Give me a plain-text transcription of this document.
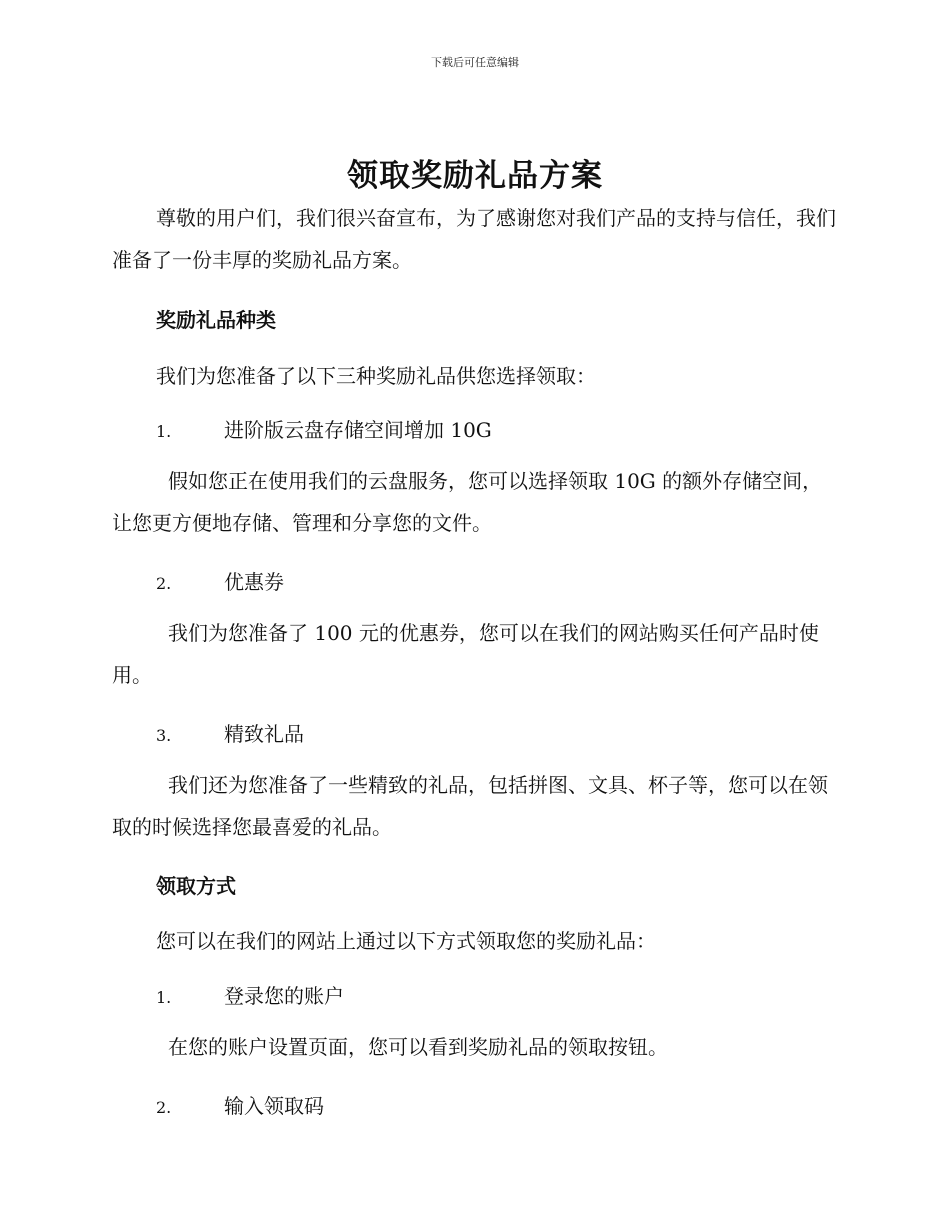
下载后可任意编辑
领取奖励礼品方案
尊敬的用户们，我们很兴奋宣布，为了感谢您对我们产品的支持与信任，我们准备了一份丰厚的奖励礼品方案。
奖励礼品种类
我们为您准备了以下三种奖励礼品供您选择领取：
1.	进阶版云盘存储空间增加 10G
假如您正在使用我们的云盘服务，您可以选择领取 10G 的额外存储空间，让您更方便地存储、管理和分享您的文件。
2.	优惠券
我们为您准备了 100 元的优惠券，您可以在我们的网站购买任何产品时使用。
3.	精致礼品
我们还为您准备了一些精致的礼品，包括拼图、文具、杯子等，您可以在领取的时候选择您最喜爱的礼品。
领取方式
您可以在我们的网站上通过以下方式领取您的奖励礼品：
1.	登录您的账户
在您的账户设置页面，您可以看到奖励礼品的领取按钮。
2.	输入领取码
